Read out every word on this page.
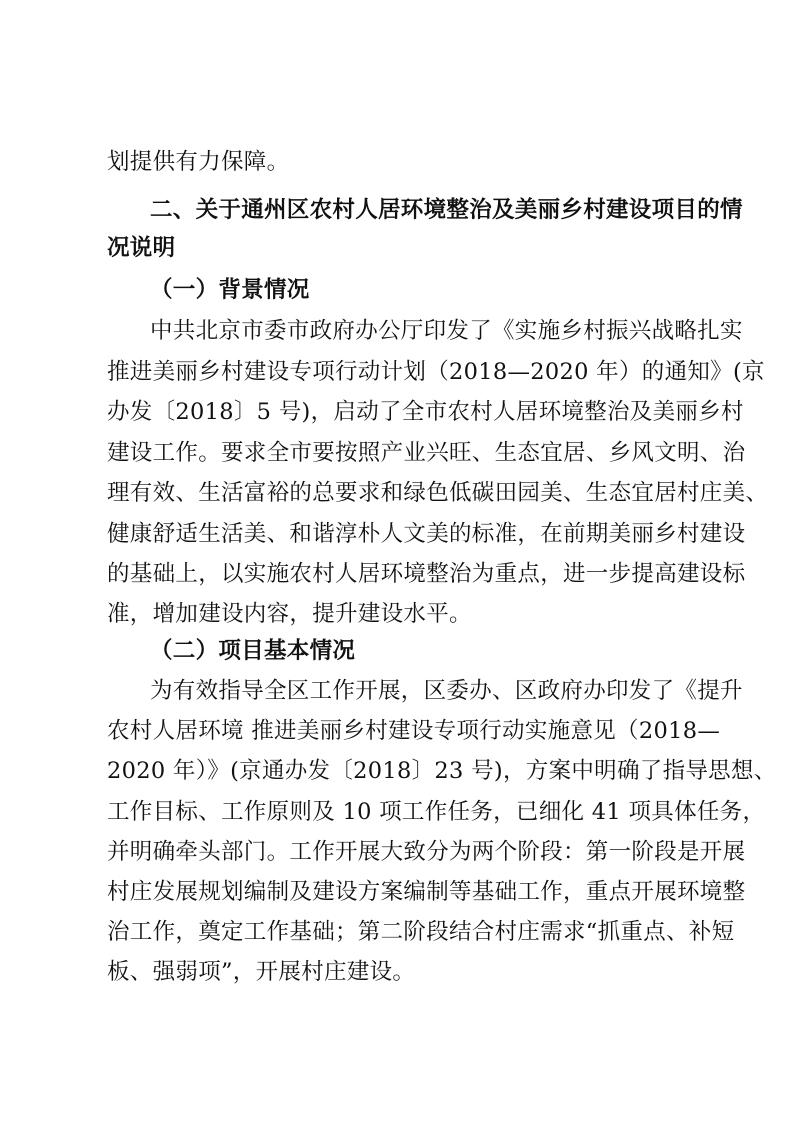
划提供有力保障。
二、关于通州区农村人居环境整治及美丽乡村建设项目的情
况说明
（一）背景情况
中共北京市委市政府办公厅印发了《实施乡村振兴战略扎实
推进美丽乡村建设专项行动计划（2018—2020 年）的通知》(京
办发〔2018〕5 号)，启动了全市农村人居环境整治及美丽乡村
建设工作。要求全市要按照产业兴旺、生态宜居、乡风文明、治
理有效、生活富裕的总要求和绿色低碳田园美、生态宜居村庄美、
健康舒适生活美、和谐淳朴人文美的标准，在前期美丽乡村建设
的基础上，以实施农村人居环境整治为重点，进一步提高建设标
准，增加建设内容，提升建设水平。
（二）项目基本情况
为有效指导全区工作开展，区委办、区政府办印发了《提升
农村人居环境 推进美丽乡村建设专项行动实施意见（2018—
2020 年）》(京通办发〔2018〕23 号)，方案中明确了指导思想、
工作目标、工作原则及 10 项工作任务，已细化 41 项具体任务，
并明确牵头部门。工作开展大致分为两个阶段：第一阶段是开展
村庄发展规划编制及建设方案编制等基础工作，重点开展环境整
治工作，奠定工作基础；第二阶段结合村庄需求“抓重点、补短
板、强弱项”，开展村庄建设。
